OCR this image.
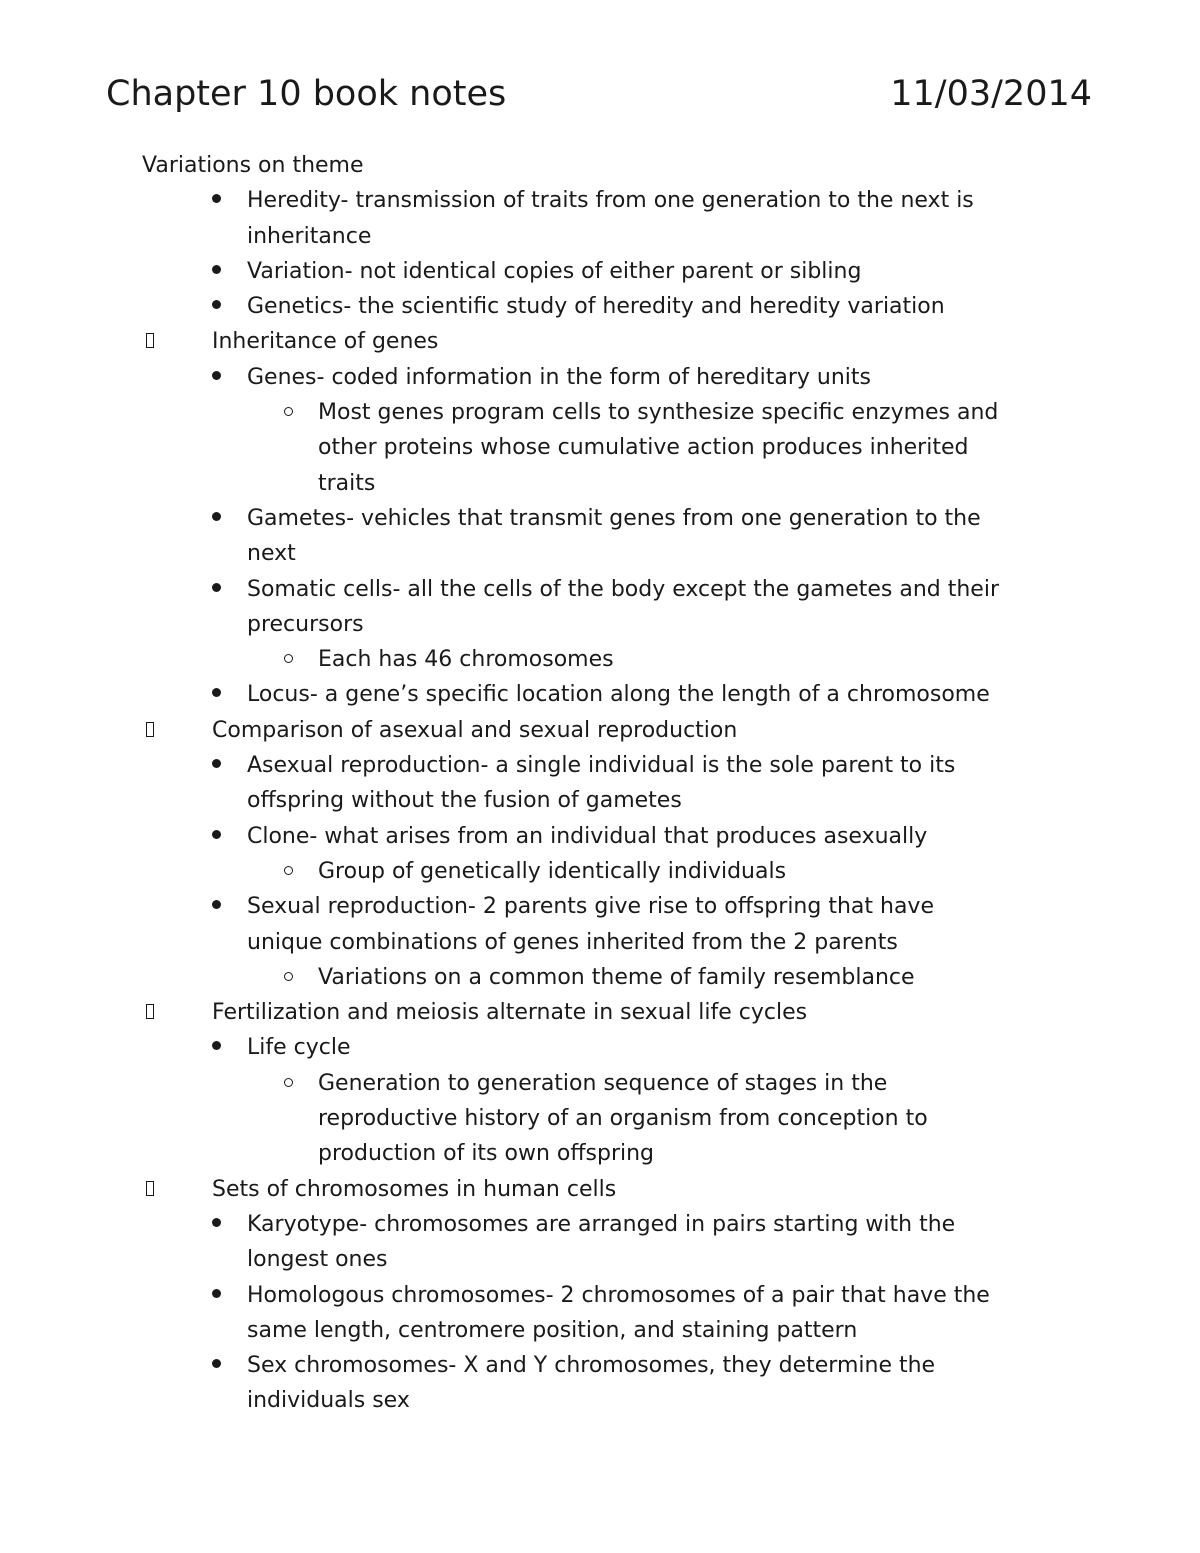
Chapter 10 book notes	11/03/2014
Variations on theme
Heredity- transmission of traits from one generation to the next is
inheritance
Variation- not identical copies of either parent or sibling
Genetics- the scientific study of heredity and heredity variation
Inheritance of genes
Genes- coded information in the form of hereditary units
Most genes program cells to synthesize specific enzymes and
other proteins whose cumulative action produces inherited
traits
Gametes- vehicles that transmit genes from one generation to the
next
Somatic cells- all the cells of the body except the gametes and their
precursors
Each has 46 chromosomes
Locus- a gene’s specific location along the length of a chromosome
Comparison of asexual and sexual reproduction
Asexual reproduction- a single individual is the sole parent to its
offspring without the fusion of gametes
Clone- what arises from an individual that produces asexually
Group of genetically identically individuals
Sexual reproduction- 2 parents give rise to offspring that have
unique combinations of genes inherited from the 2 parents
Variations on a common theme of family resemblance
Fertilization and meiosis alternate in sexual life cycles
Life cycle
Generation to generation sequence of stages in the
reproductive history of an organism from conception to
production of its own offspring
Sets of chromosomes in human cells
Karyotype- chromosomes are arranged in pairs starting with the
longest ones
Homologous chromosomes- 2 chromosomes of a pair that have the
same length, centromere position, and staining pattern
Sex chromosomes- X and Y chromosomes, they determine the
individuals sex
